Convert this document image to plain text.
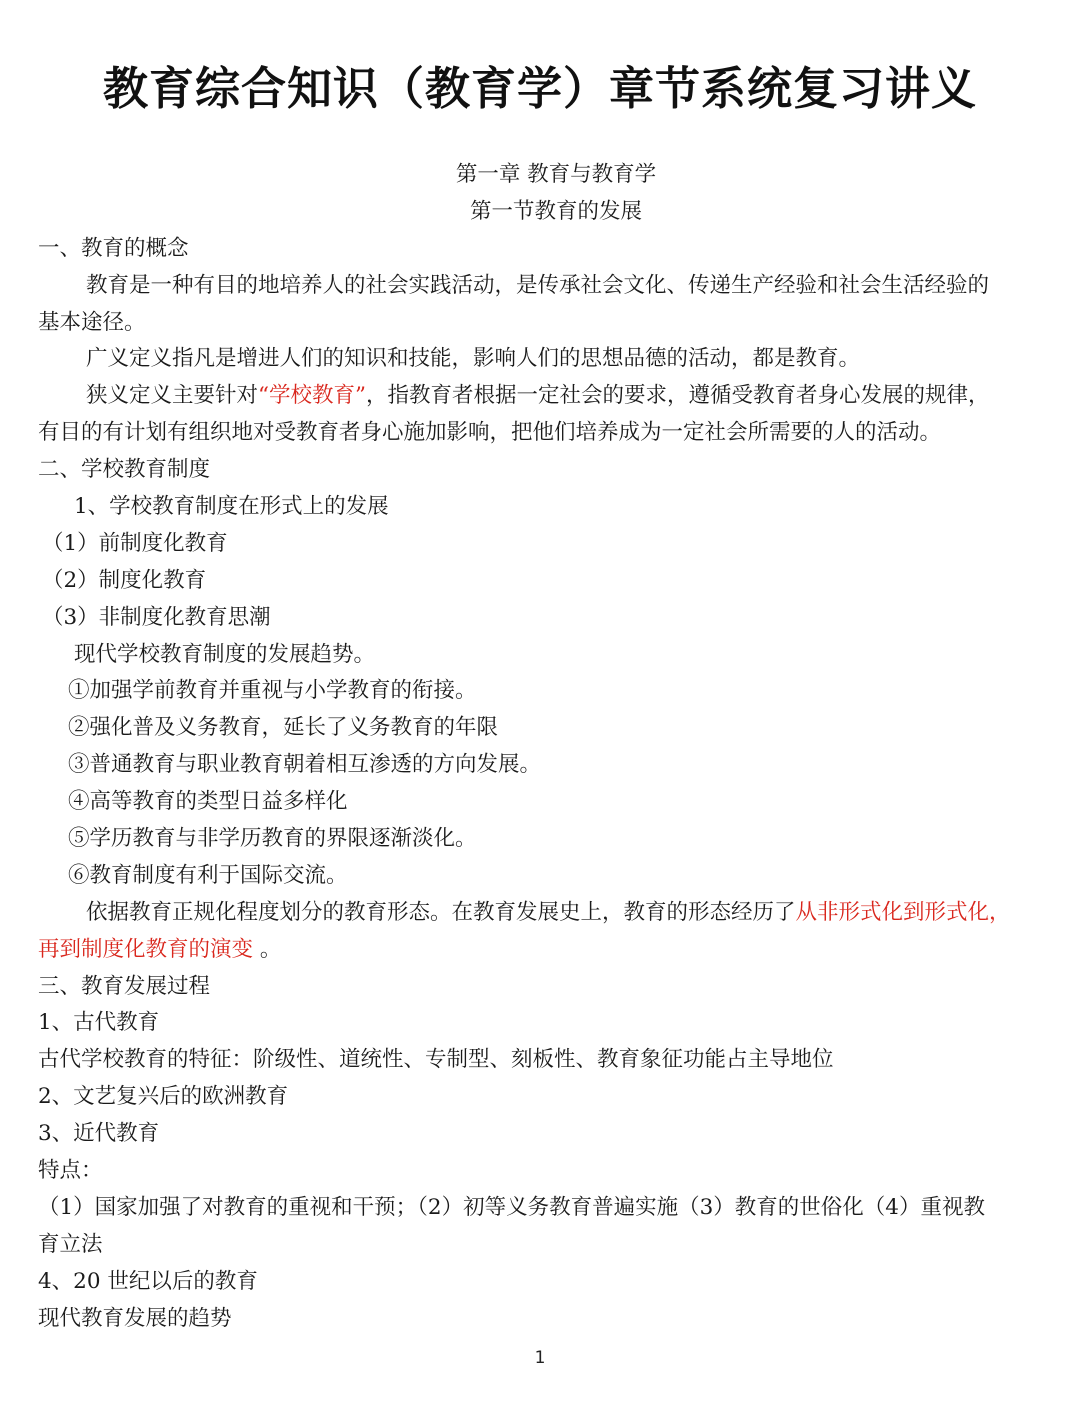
教育综合知识（教育学）章节系统复习讲义
第一章 教育与教育学
第一节教育的发展
一、教育的概念
教育是一种有目的地培养人的社会实践活动，是传承社会文化、传递生产经验和社会生活经验的
基本途径。
广义定义指凡是增进人们的知识和技能，影响人们的思想品德的活动，都是教育。
狭义定义主要针对“学校教育”，指教育者根据一定社会的要求，遵循受教育者身心发展的规律，
有目的有计划有组织地对受教育者身心施加影响，把他们培养成为一定社会所需要的人的活动。
二、学校教育制度
1、学校教育制度在形式上的发展
（1）前制度化教育
（2）制度化教育
（3）非制度化教育思潮
现代学校教育制度的发展趋势。
①加强学前教育并重视与小学教育的衔接。
②强化普及义务教育，延长了义务教育的年限
③普通教育与职业教育朝着相互渗透的方向发展。
④高等教育的类型日益多样化
⑤学历教育与非学历教育的界限逐渐淡化。
⑥教育制度有利于国际交流。
依据教育正规化程度划分的教育形态。在教育发展史上，教育的形态经历了从非形式化到形式化，
再到制度化教育的演变 。
三、教育发展过程
1、古代教育
古代学校教育的特征：阶级性、道统性、专制型、刻板性、教育象征功能占主导地位
2、文艺复兴后的欧洲教育
3、近代教育
特点：
（1）国家加强了对教育的重视和干预；（2）初等义务教育普遍实施（3）教育的世俗化（4）重视教
育立法
4、20 世纪以后的教育
现代教育发展的趋势
1
